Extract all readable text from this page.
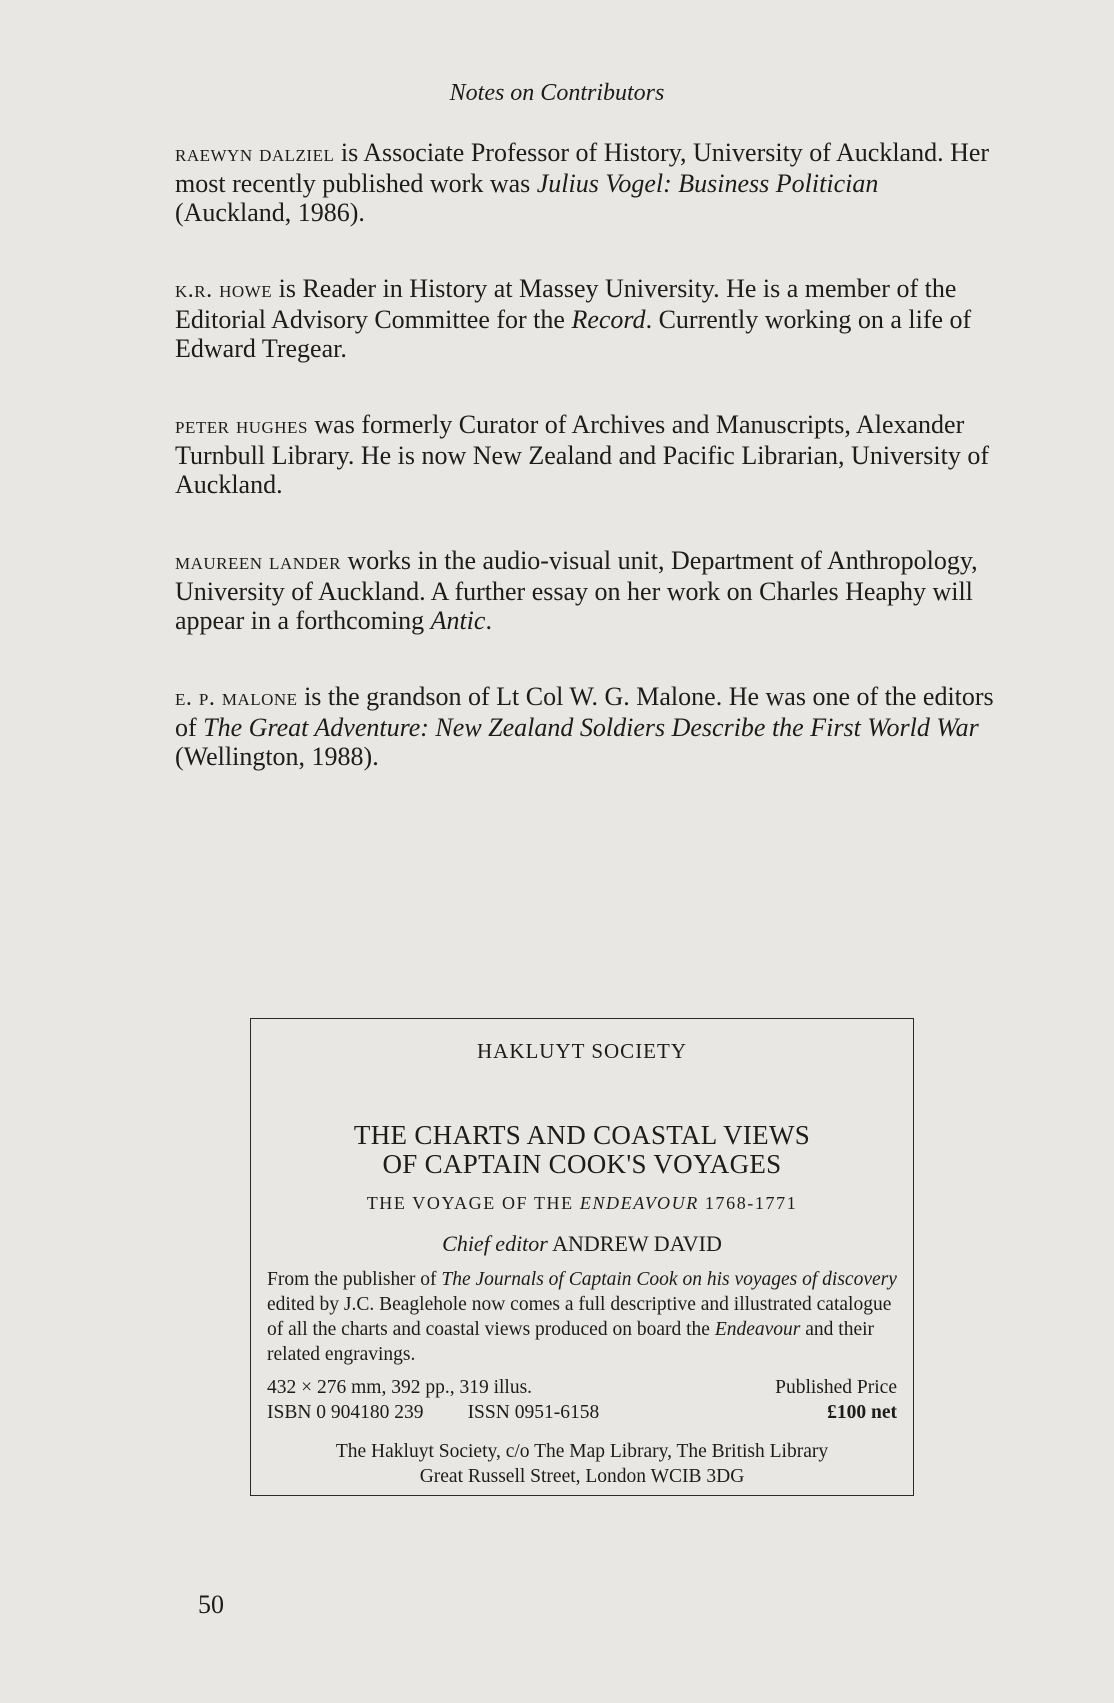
Notes on Contributors

raewyn dalziel is Associate Professor of History, University of Auckland. Her most recently published work was Julius Vogel: Business Politician (Auckland, 1986).

k.r. howe is Reader in History at Massey University. He is a member of the Editorial Advisory Committee for the Record. Currently working on a life of Edward Tregear.

peter hughes was formerly Curator of Archives and Manuscripts, Alexander Turnbull Library. He is now New Zealand and Pacific Librarian, University of Auckland.

maureen lander works in the audio-visual unit, Department of Anthropology, University of Auckland. A further essay on her work on Charles Heaphy will appear in a forthcoming Antic.

e. p. malone is the grandson of Lt Col W. G. Malone. He was one of the editors of The Great Adventure: New Zealand Soldiers Describe the First World War (Wellington, 1988).

HAKLUYT SOCIETY
THE CHARTS AND COASTAL VIEWS
OF CAPTAIN COOK'S VOYAGES
THE VOYAGE OF THE ENDEAVOUR 1768-1771
Chief editor ANDREW DAVID
From the publisher of The Journals of Captain Cook on his voyages of discovery edited by J.C. Beaglehole now comes a full descriptive and illustrated catalogue of all the charts and coastal views produced on board the Endeavour and their related engravings.
432 × 276 mm, 392 pp., 319 illus.	Published Price
ISBN 0 904180 239 ISSN 0951-6158	£100 net
The Hakluyt Society, c/o The Map Library, The British Library
Great Russell Street, London WCIB 3DG
50
